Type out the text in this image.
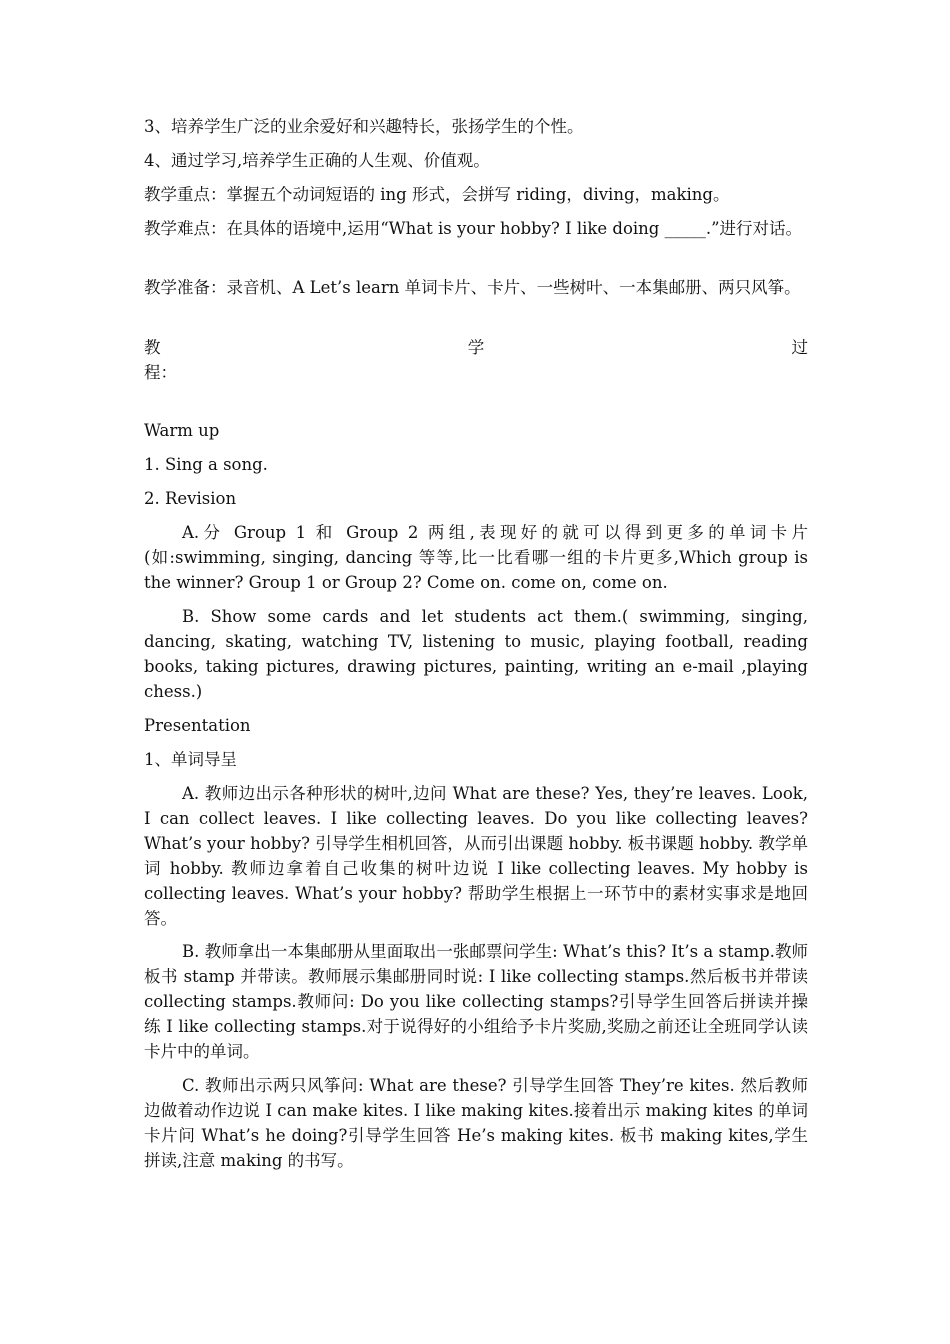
3、培养学生广泛的业余爱好和兴趣特长，张扬学生的个性。

4、通过学习,培养学生正确的人生观、价值观。

教学重点：掌握五个动词短语的 ing 形式，会拼写 riding，diving，making。

教学难点：在具体的语境中,运用“What is your hobby? I like doing _____.”进行对话。

教学准备：录音机、A Let’s learn 单词卡片、卡片、一些树叶、一本集邮册、两只风筝。

教	学	过

程：

Warm up

1. Sing a song.

2. Revision

A.分 Group 1 和 Group 2 两组,表现好的就可以得到更多的单词卡片(如:swimming, singing, dancing 等等,比一比看哪一组的卡片更多,Which group is the winner? Group 1 or Group 2? Come on. come on, come on.

B. Show some cards and let students act them.( swimming, singing, dancing, skating, watching TV, listening to music, playing football, reading books, taking pictures, drawing pictures, painting, writing an e-mail ,playing chess.)

Presentation

1、单词导呈

A. 教师边出示各种形状的树叶,边问 What are these? Yes, they’re leaves. Look, I can collect leaves. I like collecting leaves. Do you like collecting leaves? What’s your hobby? 引导学生相机回答，从而引出课题 hobby. 板书课题 hobby. 教学单词 hobby. 教师边拿着自己收集的树叶边说 I like collecting leaves. My hobby is collecting leaves. What’s your hobby? 帮助学生根据上一环节中的素材实事求是地回答。

B. 教师拿出一本集邮册从里面取出一张邮票问学生: What’s this? It’s a stamp.教师板书 stamp 并带读。教师展示集邮册同时说: I like collecting stamps.然后板书并带读 collecting stamps.教师问: Do you like collecting stamps?引导学生回答后拼读并操练 I like collecting stamps.对于说得好的小组给予卡片奖励,奖励之前还让全班同学认读卡片中的单词。

C. 教师出示两只风筝问: What are these? 引导学生回答 They’re kites. 然后教师边做着动作边说 I can make kites. I like making kites.接着出示 making kites 的单词卡片问 What’s he doing?引导学生回答 He’s making kites. 板书 making kites,学生拼读,注意 making 的书写。
